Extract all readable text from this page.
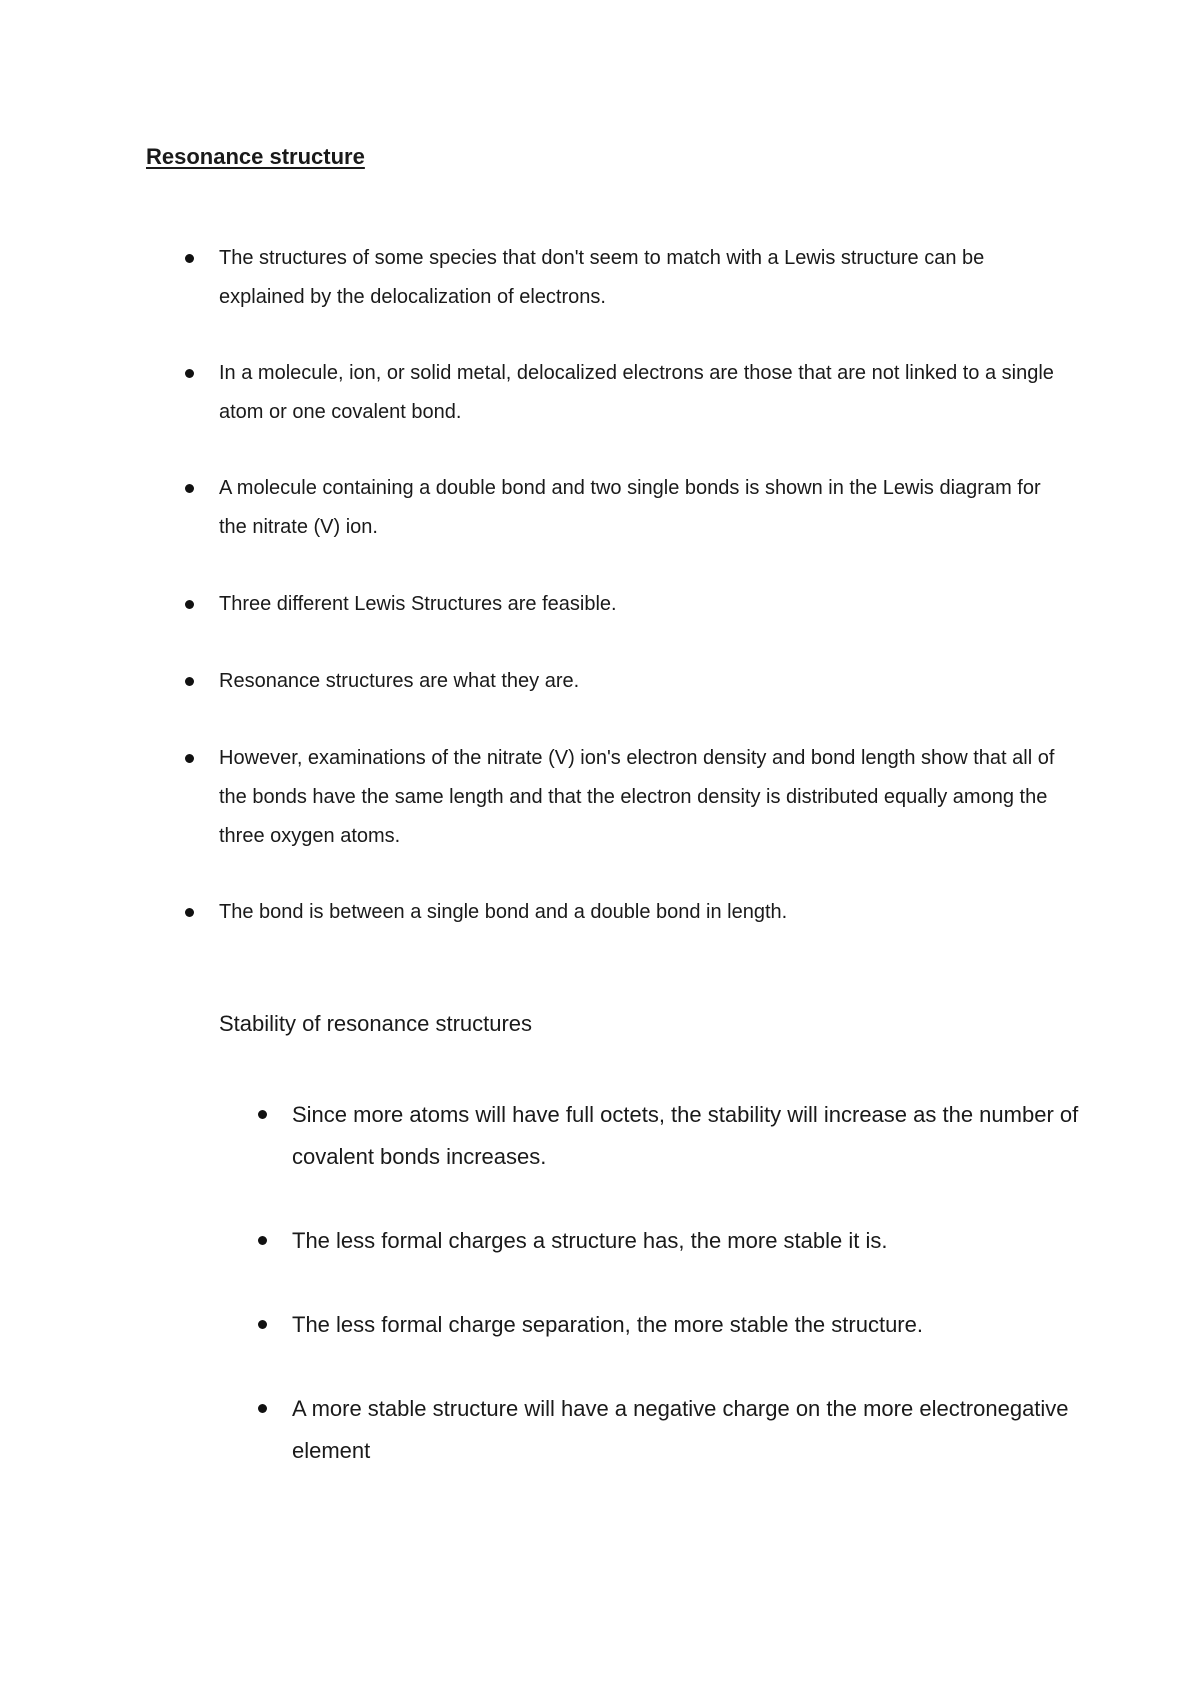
Resonance structure
The structures of some species that don't seem to match with a Lewis structure can be explained by the delocalization of electrons.
In a molecule, ion, or solid metal, delocalized electrons are those that are not linked to a single atom or one covalent bond.
A molecule containing a double bond and two single bonds is shown in the Lewis diagram for the nitrate (V) ion.
Three different Lewis Structures are feasible.
Resonance structures are what they are.
However, examinations of the nitrate (V) ion's electron density and bond length show that all of the bonds have the same length and that the electron density is distributed equally among the three oxygen atoms.
The bond is between a single bond and a double bond in length.
Stability of resonance structures
Since more atoms will have full octets, the stability will increase as the number of covalent bonds increases.
The less formal charges a structure has, the more stable it is.
The less formal charge separation, the more stable the structure.
A more stable structure will have a negative charge on the more electronegative element
